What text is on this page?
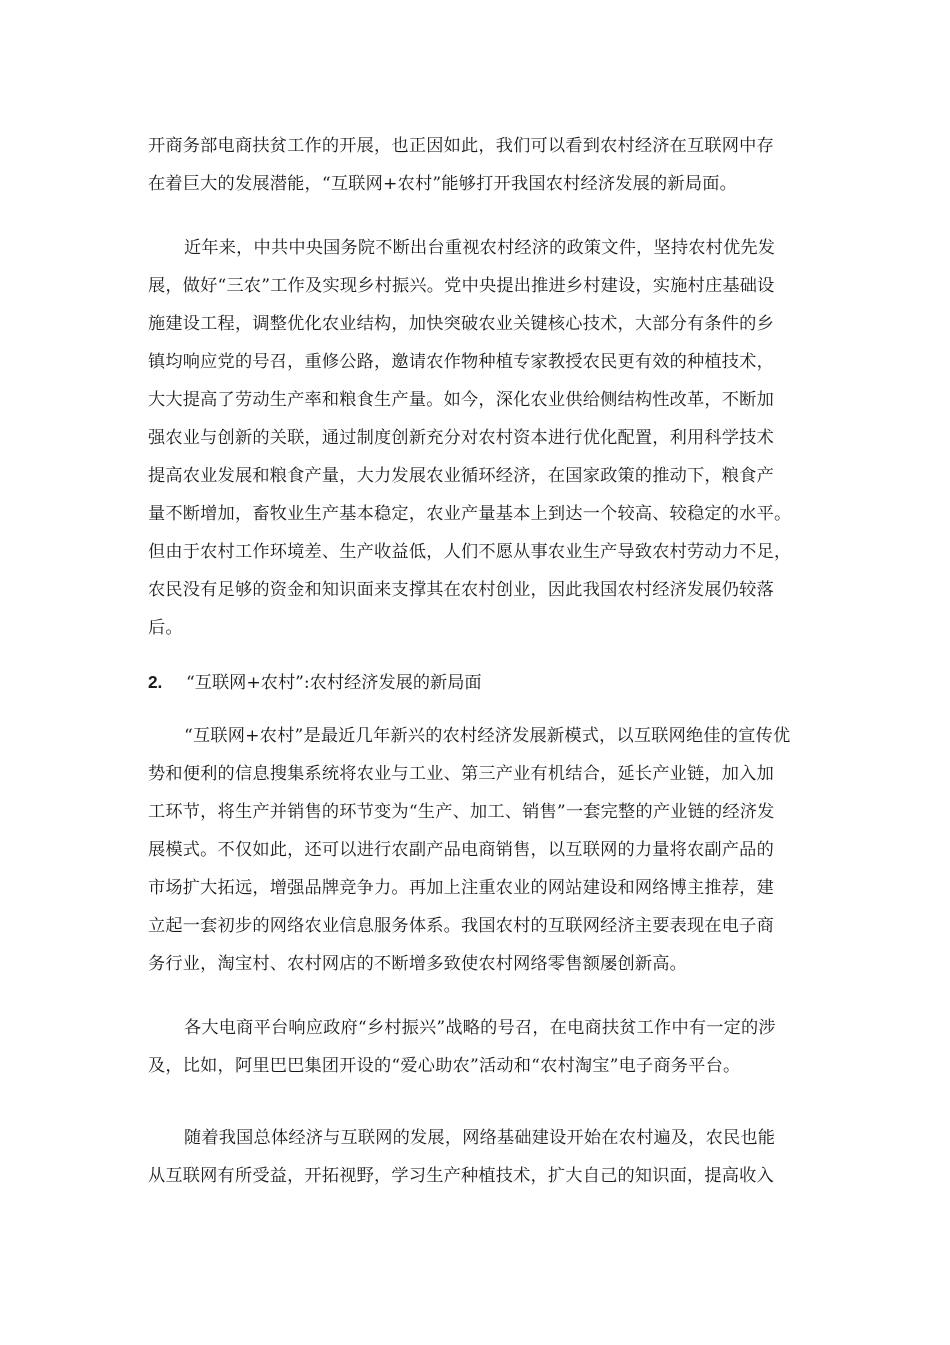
开商务部电商扶贫工作的开展，也正因如此，我们可以看到农村经济在互联网中存
在着巨大的发展潜能，“互联网+农村”能够打开我国农村经济发展的新局面。
近年来，中共中央国务院不断出台重视农村经济的政策文件，坚持农村优先发
展，做好“三农”工作及实现乡村振兴。党中央提出推进乡村建设，实施村庄基础设
施建设工程，调整优化农业结构，加快突破农业关键核心技术，大部分有条件的乡
镇均响应党的号召，重修公路，邀请农作物种植专家教授农民更有效的种植技术，
大大提高了劳动生产率和粮食生产量。如今，深化农业供给侧结构性改革，不断加
强农业与创新的关联，通过制度创新充分对农村资本进行优化配置，利用科学技术
提高农业发展和粮食产量，大力发展农业循环经济，在国家政策的推动下，粮食产
量不断增加，畜牧业生产基本稳定，农业产量基本上到达一个较高、较稳定的水平。
但由于农村工作环境差、生产收益低，人们不愿从事农业生产导致农村劳动力不足，
农民没有足够的资金和知识面来支撑其在农村创业，因此我国农村经济发展仍较落
后。
2. “互联网+农村”:农村经济发展的新局面
“互联网+农村”是最近几年新兴的农村经济发展新模式，以互联网绝佳的宣传优
势和便利的信息搜集系统将农业与工业、第三产业有机结合，延长产业链，加入加
工环节，将生产并销售的环节变为“生产、加工、销售”一套完整的产业链的经济发
展模式。不仅如此，还可以进行农副产品电商销售，以互联网的力量将农副产品的
市场扩大拓远，增强品牌竞争力。再加上注重农业的网站建设和网络博主推荐，建
立起一套初步的网络农业信息服务体系。我国农村的互联网经济主要表现在电子商
务行业，淘宝村、农村网店的不断增多致使农村网络零售额屡创新高。
各大电商平台响应政府“乡村振兴”战略的号召，在电商扶贫工作中有一定的涉
及，比如，阿里巴巴集团开设的“爱心助农”活动和“农村淘宝”电子商务平台。
随着我国总体经济与互联网的发展，网络基础建设开始在农村遍及，农民也能
从互联网有所受益，开拓视野，学习生产种植技术，扩大自己的知识面，提高收入
